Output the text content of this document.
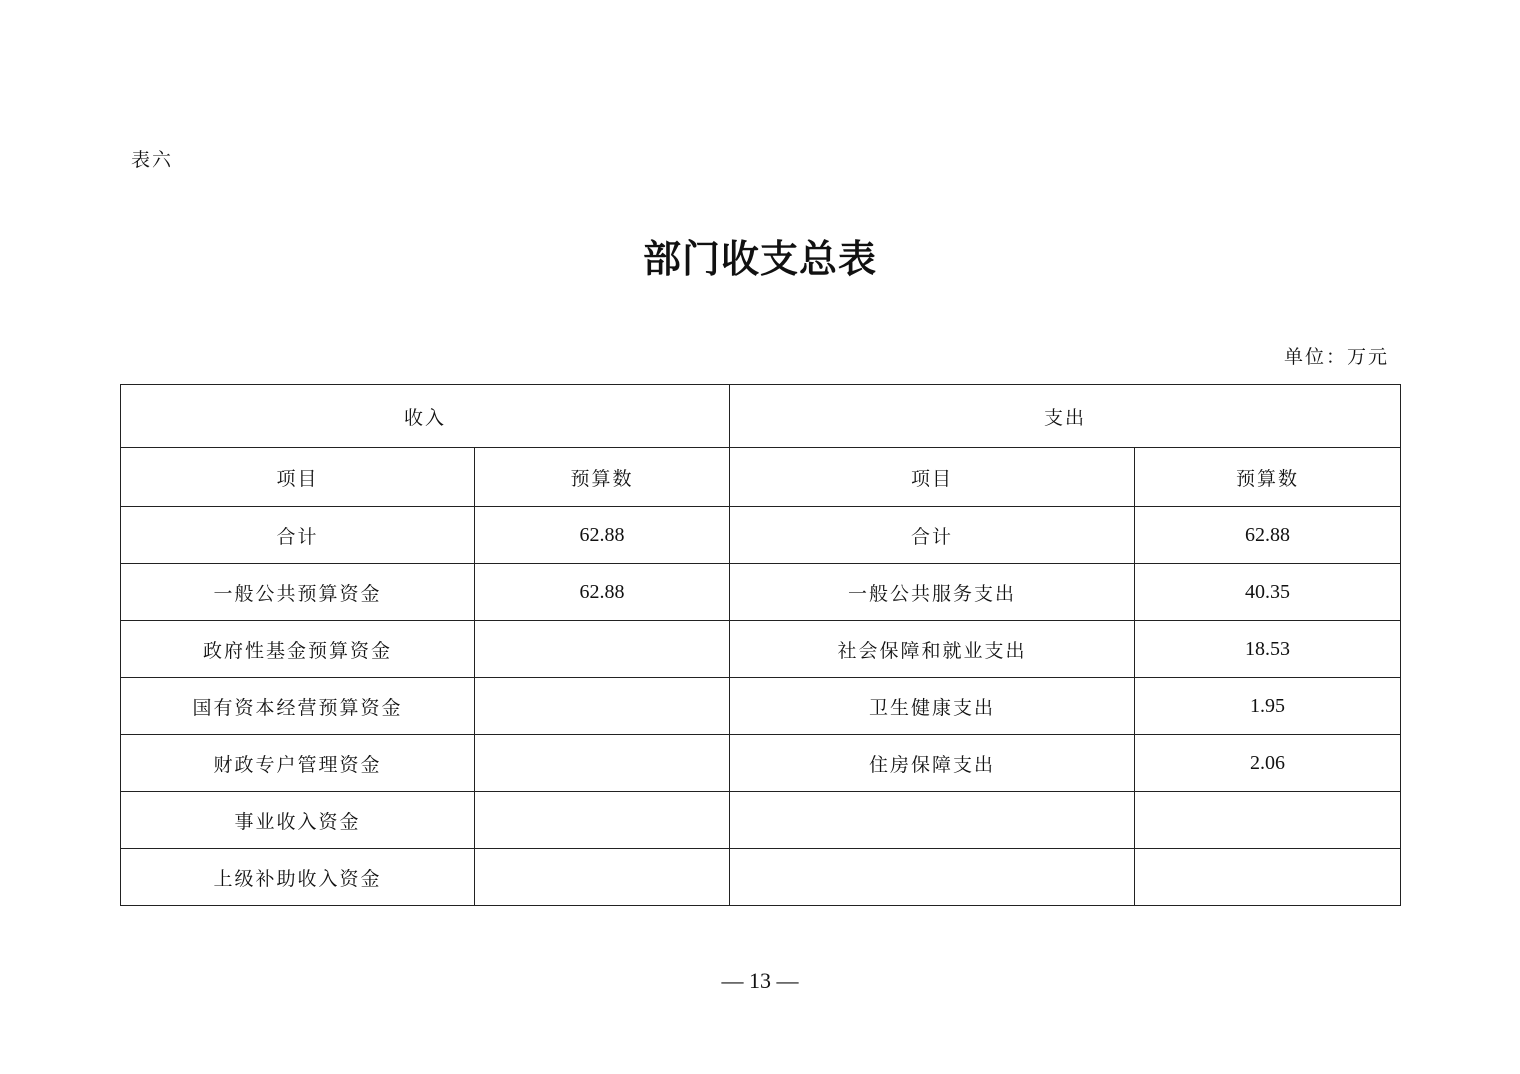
表六
部门收支总表
单位：万元
收入		支出	
项目	预算数	项目	预算数
合计	62.88	合计	62.88
一般公共预算资金	62.88	一般公共服务支出	40.35
政府性基金预算资金		社会保障和就业支出	18.53
国有资本经营预算资金		卫生健康支出	1.95
财政专户管理资金		住房保障支出	2.06
事业收入资金			
上级补助收入资金			
— 13 —
